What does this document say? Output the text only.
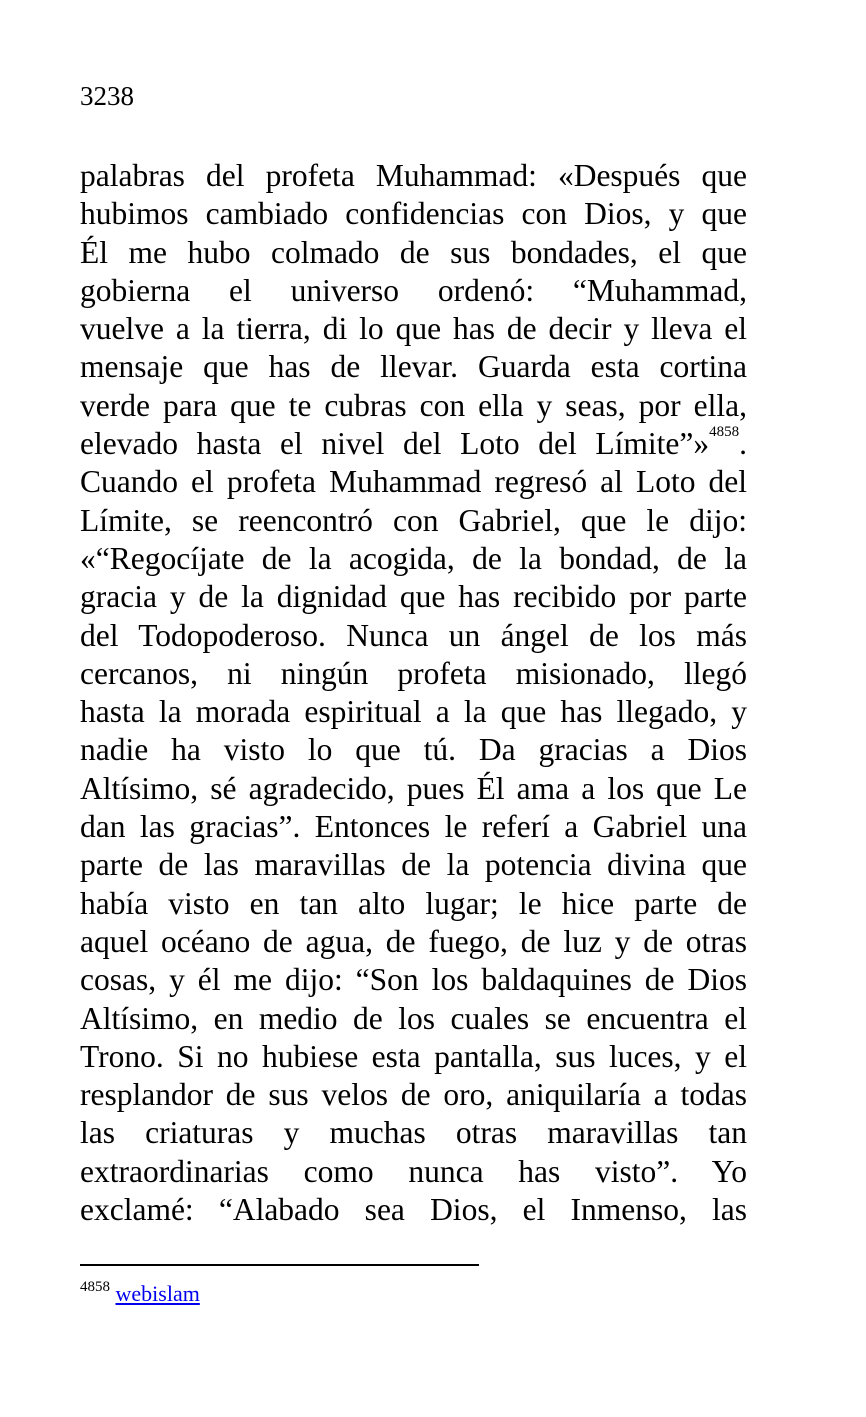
3238
palabras del profeta Muhammad: «Después que
hubimos cambiado confidencias con Dios, y que
Él me hubo colmado de sus bondades, el que
gobierna el universo ordenó: “Muhammad,
vuelve a la tierra, di lo que has de decir y lleva el
mensaje que has de llevar. Guarda esta cortina
verde para que te cubras con ella y seas, por ella,
elevado hasta el nivel del Loto del Límite”»$^{4858}$.
Cuando el profeta Muhammad regresó al Loto del
Límite, se reencontró con Gabriel, que le dijo:
«“Regocíjate de la acogida, de la bondad, de la
gracia y de la dignidad que has recibido por parte
del Todopoderoso. Nunca un ángel de los más
cercanos, ni ningún profeta misionado, llegó
hasta la morada espiritual a la que has llegado, y
nadie ha visto lo que tú. Da gracias a Dios
Altísimo, sé agradecido, pues Él ama a los que Le
dan las gracias”. Entonces le referí a Gabriel una
parte de las maravillas de la potencia divina que
había visto en tan alto lugar; le hice parte de
aquel océano de agua, de fuego, de luz y de otras
cosas, y él me dijo: “Son los baldaquines de Dios
Altísimo, en medio de los cuales se encuentra el
Trono. Si no hubiese esta pantalla, sus luces, y el
resplandor de sus velos de oro, aniquilaría a todas
las criaturas y muchas otras maravillas tan
extraordinarias como nunca has visto”. Yo
exclamé: “Alabado sea Dios, el Inmenso, las
$^{4858}$ webislam
